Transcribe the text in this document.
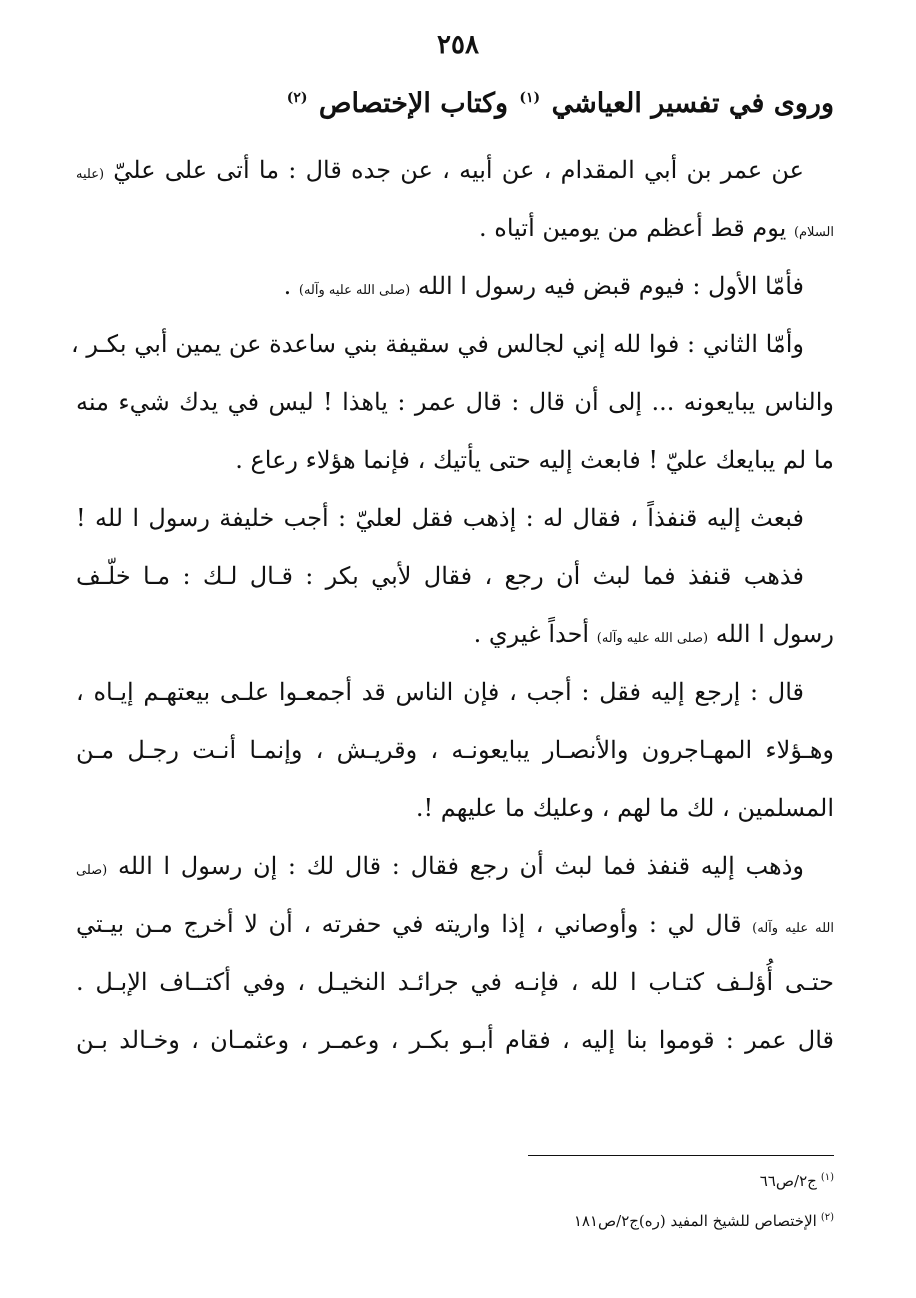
٢٥٨
وروى في تفسير العياشي $^{(١)}$ وكتاب الإختصاص $^{(٢)}$
عن عمر بن أبي المقدام ، عن أبيه ، عن جده قال : ما أتى على عليّ (عليه
السلام) يوم قط أعظم من يومين أتياه .
فأمّا الأول : فيوم قبض فيه رسول ا الله (صلى الله عليه وآله) .
وأمّا الثاني : فوا لله إني لجالس في سقيفة بني ساعدة عن يمين أبي بكـر ،
والناس يبايعونه ... إلى أن قال : قال عمر : ياهذا ! ليس في يدك شيء منه
ما لم يبايعك عليّ ! فابعث إليه حتى يأتيك ، فإنما هؤلاء رعاع .
فبعث إليه قنفذاً ، فقال له : إذهب فقل لعليّ : أجب خليفة رسول ا لله !
فذهب قنفذ فما لبث أن رجع ، فقال لأبي بكر : قـال لـك : مـا خلّـف
رسول ا الله (صلى الله عليه وآله) أحداً غيري .
قال : إرجع إليه فقل : أجب ، فإن الناس قد أجمعـوا علـى بيعتهـم إيـاه ،
وهـؤلاء المهـاجرون والأنصـار يبايعونـه ، وقريـش ، وإنمـا أنـت رجـل مـن
المسلمين ، لك ما لهم ، وعليك ما عليهم !.
وذهب إليه قنفذ فما لبث أن رجع فقال : قال لك : إن رسول ا الله (صلى
الله عليه وآله) قال لي : وأوصاني ، إذا واريته في حفرته ، أن لا أخرج مـن بيـتي
حتـى أُؤلـف كتـاب ا لله ، فإنـه في جرائـد النخيـل ، وفي أكتــاف الإبـل .
قال عمر : قوموا بنا إليه ، فقام أبـو بكـر ، وعمـر ، وعثمـان ، وخـالد بـن
$^{(١)}$ج٢/ص٦٦
$^{(٢)}$الإختصاص للشيخ المفيد (ره)ج٢/ص١٨١
